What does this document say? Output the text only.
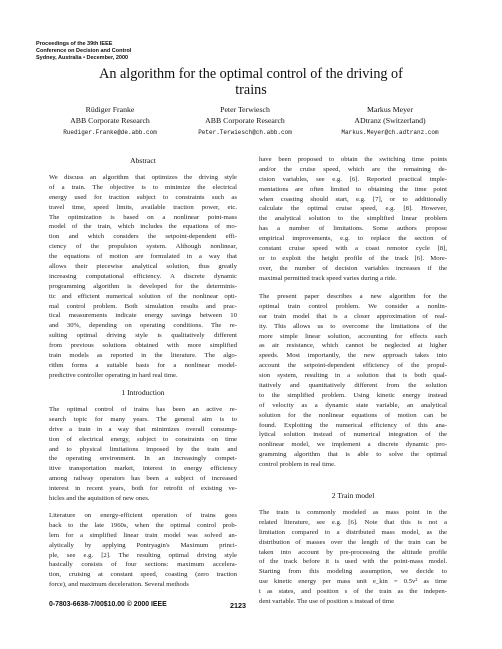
Proceedings of the 39th IEEE
Conference on Decision and Control
Sydney, Australia • December, 2000
An algorithm for the optimal control of the driving of
trains
Rüdiger Franke
ABB Corporate Research
Ruediger.Franke@de.abb.com
Peter Terwiesch
ABB Corporate Research
Peter.Terwiesch@ch.abb.com
Markus Meyer
ADtranz (Switzerland)
Markus.Meyer@ch.adtranz.com
Abstract
We discuss an algorithm that optimizes the driving style
of a train. The objective is to minimize the electrical
energy used for traction subject to constraints such as
travel time, speed limits, available traction power, etc.
The optimization is based on a nonlinear point-mass
model of the train, which includes the equations of mo-
tion and which considers the setpoint-dependent effi-
ciency of the propulsion system. Although nonlinear,
the equations of motion are formulated in a way that
allows their piecewise analytical solution, thus greatly
increasing computational efficiency. A discrete dynamic
programming algorithm is developed for the determinis-
tic and efficient numerical solution of the nonlinear opti-
mal control problem. Both simulation results and prac-
tical measurements indicate energy savings between 10
and 30%, depending on operating conditions. The re-
sulting optimal driving style is qualitatively different
from previous solutions obtained with more simplified
train models as reported in the literature. The algo-
rithm forms a suitable basis for a nonlinear model-
predictive controller operating in hard real time.
1 Introduction
The optimal control of trains has been an active re-
search topic for many years. The general aim is to
drive a train in a way that minimizes overall consump-
tion of electrical energy, subject to constraints on time
and to physical limitations imposed by the train and
the operating environment. In an increasingly compet-
itive transportation market, interest in energy efficiency
among railway operators has been a subject of increased
interest in recent years, both for retrofit of existing ve-
hicles and the aquisition of new ones.
Literature on energy-efficient operation of trains goes
back to the late 1960s, when the optimal control prob-
lem for a simplified linear train model was solved an-
alytically by applying Pontryagin's Maximum princi-
ple, see e.g. [2]. The resulting optimal driving style
basically consists of four sections: maximum accelera-
tion, cruising at constant speed, coasting (zero traction
force), and maximum deceleration. Several methods
have been proposed to obtain the switching time points
and/or the cruise speed, which are the remaining de-
cision variables, see e.g. [6]. Reported practical imple-
mentations are often limited to obtaining the time point
when coasting should start, e.g. [7], or to additionally
calculate the optimal cruise speed, e.g. [8]. However,
the analytical solution to the simplified linear problem
has a number of limitations. Some authors propose
empirical improvements, e.g. to replace the section of
constant cruise speed with a coast remotor cycle [8],
or to exploit the height profile of the track [6]. More-
over, the number of decision variables increases if the
maximal permitted track speed varies during a ride.
The present paper describes a new algorithm for the
optimal train control problem. We consider a nonlin-
ear train model that is a closer approximation of real-
ity. This allows us to overcome the limitations of the
more simple linear solution, accounting for effects such
as air resistance, which cannot be neglected at higher
speeds. Most importantly, the new approach takes into
account the setpoint-dependent efficiency of the propul-
sion system, resulting in a solution that is both qual-
itatively and quantitatively different from the solution
to the simplified problem. Using kinetic energy instead
of velocity as a dynamic state variable, an analytical
solution for the nonlinear equations of motion can be
found. Exploiting the numerical efficiency of this ana-
lytical solution instead of numerical integration of the
nonlinear model, we implement a discrete dynamic pro-
gramming algorithm that is able to solve the optimal
control problem in real time.
2 Train model
The train is commonly modeled as mass point in the
related literature, see e.g. [6]. Note that this is not a
limitation compared to a distributed mass model, as the
distribution of masses over the length of the train can be
taken into account by pre-processing the altitude profile
of the track before it is used with the point-mass model.
Starting from this modeling assumption, we decide to
use kinetic energy per mass unit e_kin = 0.5v² as time
t as states, and position s of the train as the indepen-
dent variable. The use of position s instead of time
0-7803-6638-7/00$10.00 © 2000 IEEE	2123
